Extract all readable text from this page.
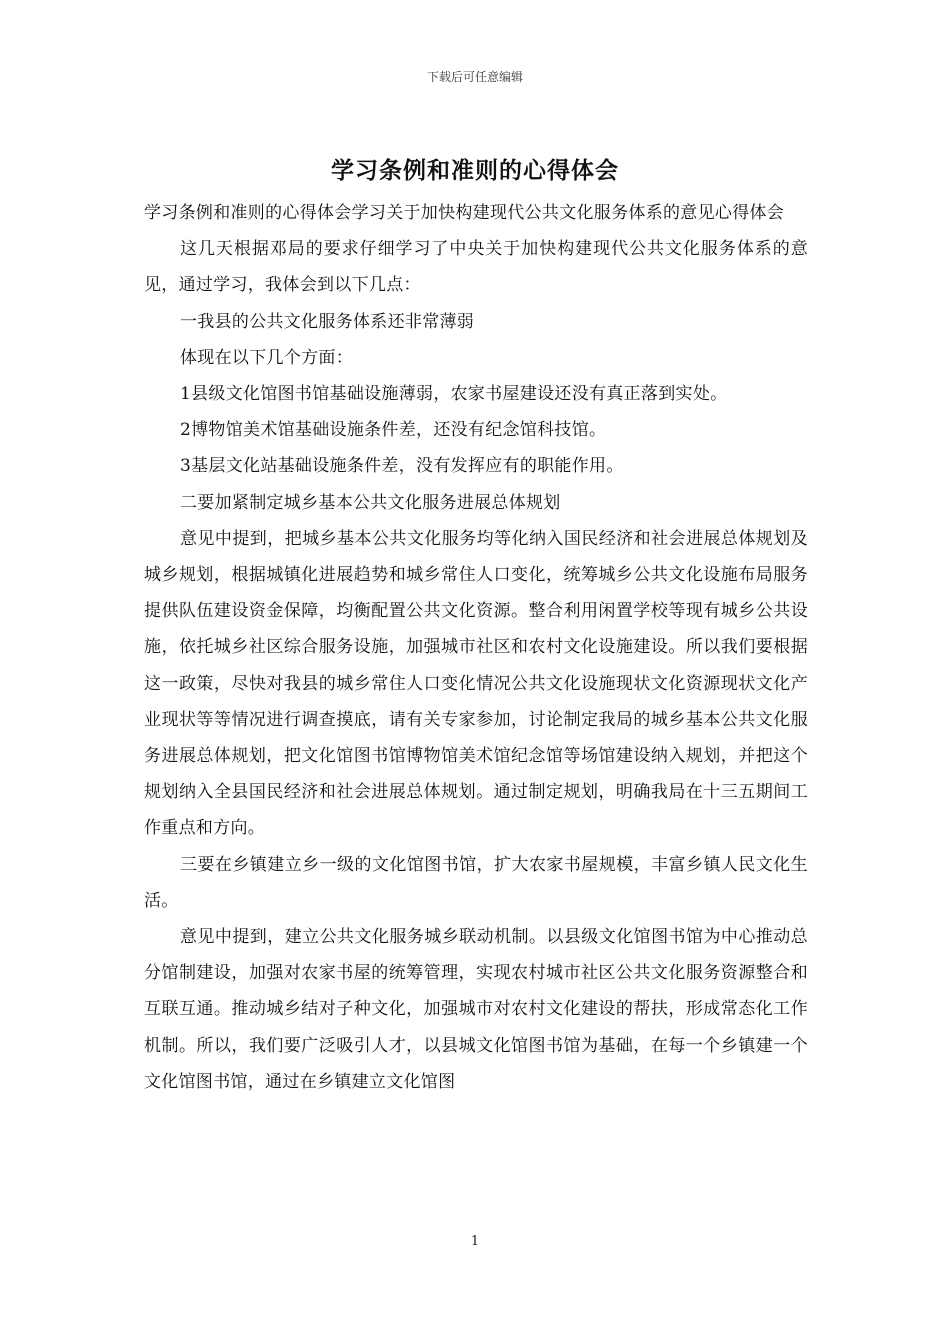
下载后可任意编辑
学习条例和准则的心得体会

学习条例和准则的心得体会学习关于加快构建现代公共文化服务体系的意见心得体会

这几天根据邓局的要求仔细学习了中央关于加快构建现代公共文化服务体系的意见，通过学习，我体会到以下几点：

一我县的公共文化服务体系还非常薄弱

体现在以下几个方面：

1县级文化馆图书馆基础设施薄弱，农家书屋建设还没有真正落到实处。

2博物馆美术馆基础设施条件差，还没有纪念馆科技馆。

3基层文化站基础设施条件差，没有发挥应有的职能作用。

二要加紧制定城乡基本公共文化服务进展总体规划

意见中提到，把城乡基本公共文化服务均等化纳入国民经济和社会进展总体规划及城乡规划，根据城镇化进展趋势和城乡常住人口变化，统筹城乡公共文化设施布局服务提供队伍建设资金保障，均衡配置公共文化资源。整合利用闲置学校等现有城乡公共设施，依托城乡社区综合服务设施，加强城市社区和农村文化设施建设。所以我们要根据这一政策，尽快对我县的城乡常住人口变化情况公共文化设施现状文化资源现状文化产业现状等等情况进行调查摸底，请有关专家参加，讨论制定我局的城乡基本公共文化服务进展总体规划，把文化馆图书馆博物馆美术馆纪念馆等场馆建设纳入规划，并把这个规划纳入全县国民经济和社会进展总体规划。通过制定规划，明确我局在十三五期间工作重点和方向。

三要在乡镇建立乡一级的文化馆图书馆，扩大农家书屋规模，丰富乡镇人民文化生活。

意见中提到，建立公共文化服务城乡联动机制。以县级文化馆图书馆为中心推动总分馆制建设，加强对农家书屋的统筹管理，实现农村城市社区公共文化服务资源整合和互联互通。推动城乡结对子种文化，加强城市对农村文化建设的帮扶，形成常态化工作机制。所以，我们要广泛吸引人才，以县城文化馆图书馆为基础，在每一个乡镇建一个文化馆图书馆，通过在乡镇建立文化馆图

1
